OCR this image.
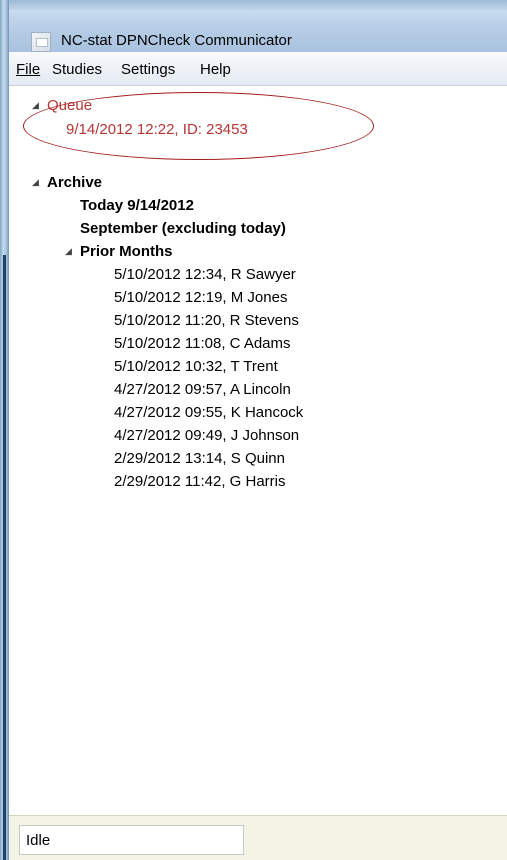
NC-stat DPNCheck Communicator
File Studies Settings Help
◢ Queue
9/14/2012 12:22, ID: 23453
◢ Archive
Today 9/14/2012
September (excluding today)
◢ Prior Months
5/10/2012 12:34, R Sawyer
5/10/2012 12:19, M Jones
5/10/2012 11:20, R Stevens
5/10/2012 11:08, C Adams
5/10/2012 10:32, T Trent
4/27/2012 09:57, A Lincoln
4/27/2012 09:55, K Hancock
4/27/2012 09:49, J Johnson
2/29/2012 13:14, S Quinn
2/29/2012 11:42, G Harris
Idle
